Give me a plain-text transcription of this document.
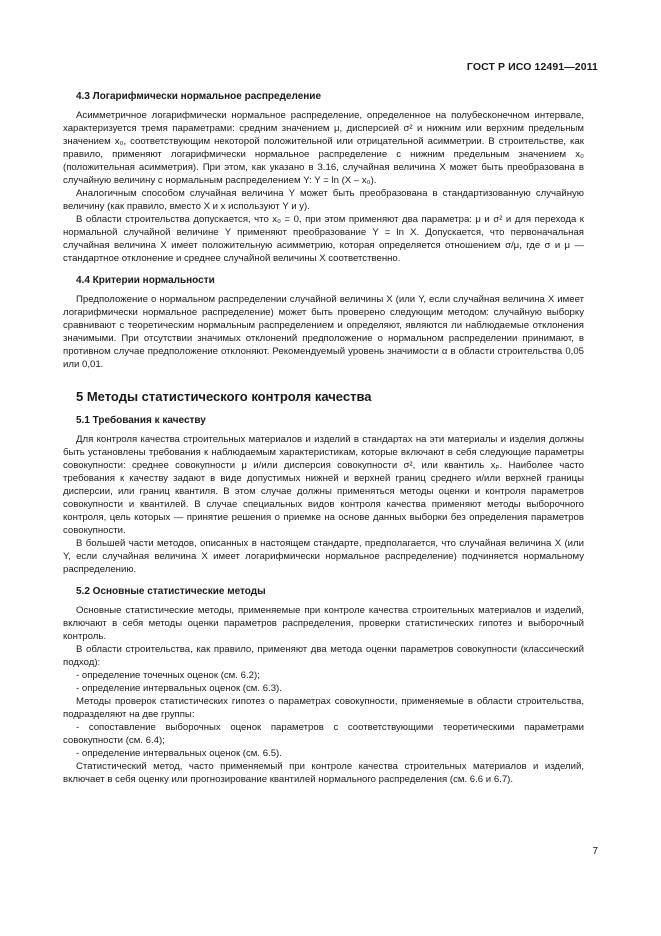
ГОСТ Р ИСО 12491—2011
4.3 Логарифмически нормальное распределение

Асимметричное логарифмически нормальное распределение, определенное на полубесконечном интервале, характеризуется тремя параметрами: средним значением μ, дисперсией σ² и нижним или верхним предельным значением x₀, соответствующим некоторой положительной или отрицательной асимметрии. В строительстве, как правило, применяют логарифмически нормальное распределение с нижним предельным значением x₀ (положительная асимметрия). При этом, как указано в 3.16, случайная величина X может быть преобразована в случайную величину с нормальным распределением Y: Y = ln (X – x₀).

Аналогичным способом случайная величина Y может быть преобразована в стандартизованную случайную величину (как правило, вместо X и x используют Y и y).

В области строительства допускается, что x₀ = 0, при этом применяют два параметра: μ и σ² и для перехода к нормальной случайной величине Y применяют преобразование Y = ln X. Допускается, что первоначальная случайная величина X имеет положительную асимметрию, которая определяется отношением σ/μ, где σ и μ — стандартное отклонение и среднее случайной величины X соответственно.

4.4 Критерии нормальности

Предположение о нормальном распределении случайной величины X (или Y, если случайная величина X имеет логарифмически нормальное распределение) может быть проверено следующим методом: случайную выборку сравнивают с теоретическим нормальным распределением и определяют, являются ли наблюдаемые отклонения значимыми. При отсутствии значимых отклонений предположение о нормальном распределении принимают, в противном случае предположение отклоняют. Рекомендуемый уровень значимости α в области строительства 0,05 или 0,01.

5 Методы статистического контроля качества
5.1 Требования к качеству

Для контроля качества строительных материалов и изделий в стандартах на эти материалы и изделия должны быть установлены требования к наблюдаемым характеристикам, которые включают в себя следующие параметры совокупности: среднее совокупности μ и/или дисперсия совокупности σ², или квантиль xₚ. Наиболее часто требования к качеству задают в виде допустимых нижней и верхней границ среднего и/или верхней границы дисперсии, или границ квантиля. В этом случае должны применяться методы оценки и контроля параметров совокупности и квантилей. В случае специальных видов контроля качества применяют методы выборочного контроля, цель которых — принятие решения о приемке на основе данных выборки без определения параметров совокупности.

В большей части методов, описанных в настоящем стандарте, предполагается, что случайная величина X (или Y, если случайная величина X имеет логарифмически нормальное распределение) подчиняется нормальному распределению.

5.2 Основные статистические методы

Основные статистические методы, применяемые при контроле качества строительных материалов и изделий, включают в себя методы оценки параметров распределения, проверки статистических гипотез и выборочный контроль.

В области строительства, как правило, применяют два метода оценки параметров совокупности (классический подход):

- определение точечных оценок (см. 6.2);

- определение интервальных оценок (см. 6.3).

Методы проверок статистических гипотез о параметрах совокупности, применяемые в области строительства, подразделяют на две группы:

- сопоставление выборочных оценок параметров с соответствующими теоретическими параметрами совокупности (см. 6.4);

- определение интервальных оценок (см. 6.5).

Статистический метод, часто применяемый при контроле качества строительных материалов и изделий, включает в себя оценку или прогнозирование квантилей нормального распределения (см. 6.6 и 6.7).

7
